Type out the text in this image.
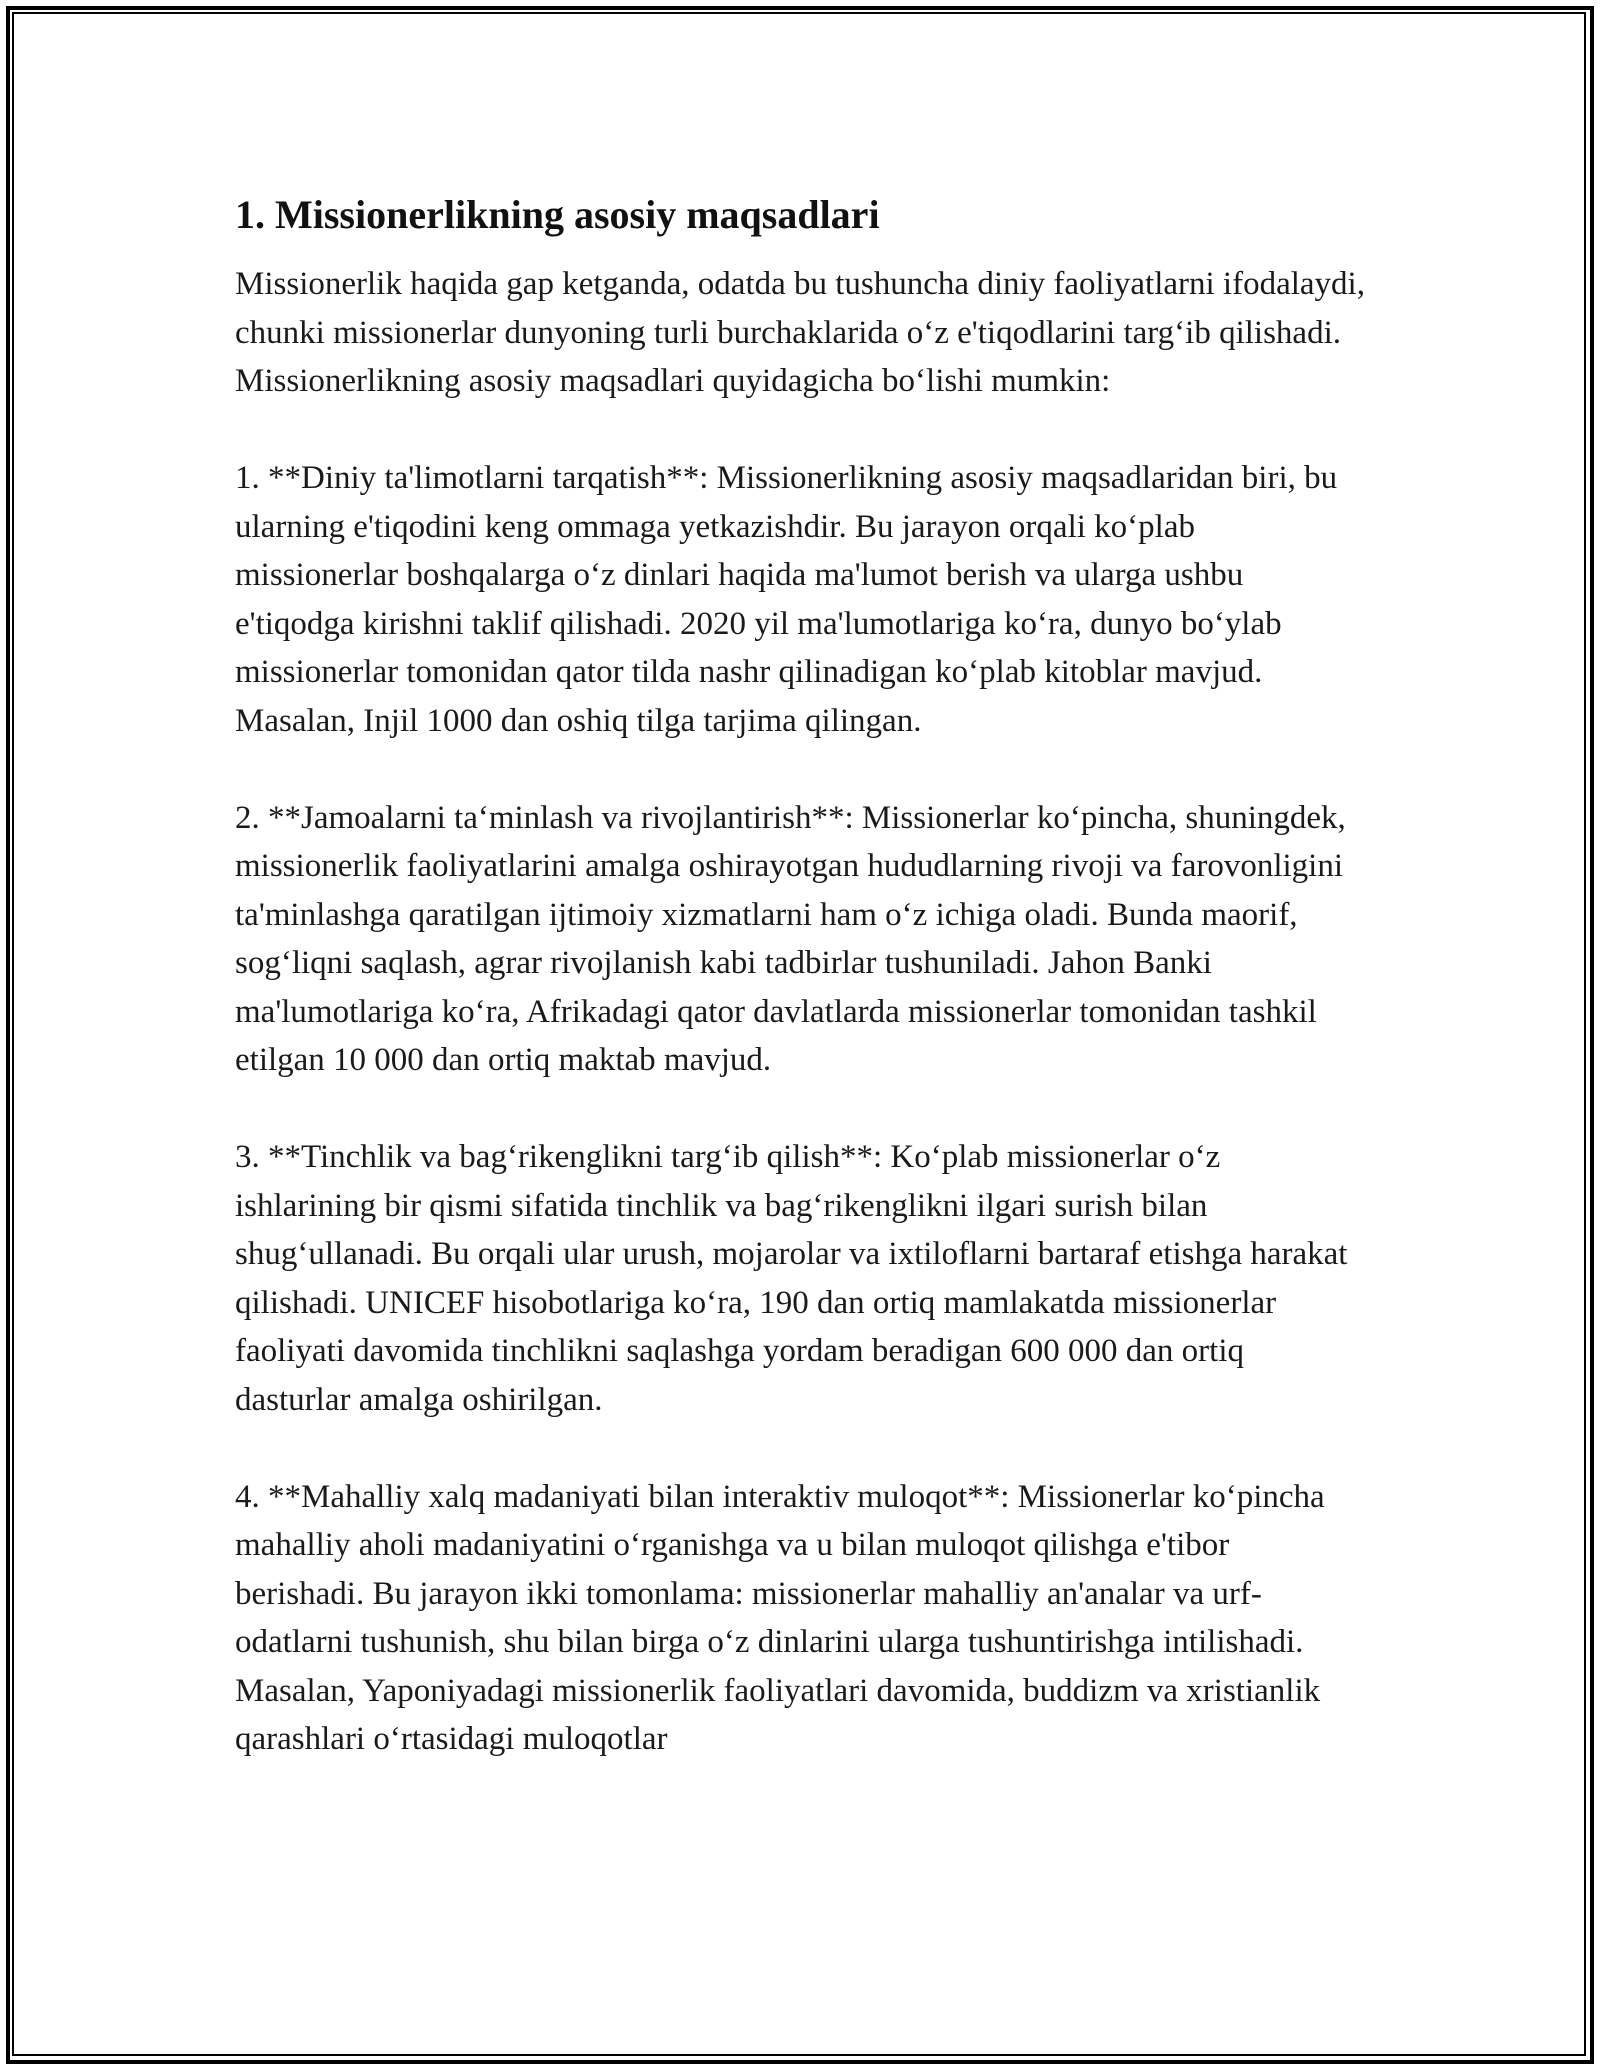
1. Missionerlikning asosiy maqsadlari

Missionerlik haqida gap ketganda, odatda bu tushuncha diniy faoliyatlarni ifodalaydi, chunki missionerlar dunyoning turli burchaklarida o‘z e'tiqodlarini targ‘ib qilishadi. Missionerlikning asosiy maqsadlari quyidagicha bo‘lishi mumkin:

1. **Diniy ta'limotlarni tarqatish**: Missionerlikning asosiy maqsadlaridan biri, bu ularning e'tiqodini keng ommaga yetkazishdir. Bu jarayon orqali ko‘plab missionerlar boshqalarga o‘z dinlari haqida ma'lumot berish va ularga ushbu e'tiqodga kirishni taklif qilishadi. 2020 yil ma'lumotlariga ko‘ra, dunyo bo‘ylab missionerlar tomonidan qator tilda nashr qilinadigan ko‘plab kitoblar mavjud. Masalan, Injil 1000 dan oshiq tilga tarjima qilingan.

2. **Jamoalarni ta‘minlash va rivojlantirish**: Missionerlar ko‘pincha, shuningdek, missionerlik faoliyatlarini amalga oshirayotgan hududlarning rivoji va farovonligini ta'minlashga qaratilgan ijtimoiy xizmatlarni ham o‘z ichiga oladi. Bunda maorif, sog‘liqni saqlash, agrar rivojlanish kabi tadbirlar tushuniladi. Jahon Banki ma'lumotlariga ko‘ra, Afrikadagi qator davlatlarda missionerlar tomonidan tashkil etilgan 10 000 dan ortiq maktab mavjud.

3. **Tinchlik va bag‘rikenglikni targ‘ib qilish**: Ko‘plab missionerlar o‘z ishlarining bir qismi sifatida tinchlik va bag‘rikenglikni ilgari surish bilan shug‘ullanadi. Bu orqali ular urush, mojarolar va ixtiloflarni bartaraf etishga harakat qilishadi. UNICEF hisobotlariga ko‘ra, 190 dan ortiq mamlakatda missionerlar faoliyati davomida tinchlikni saqlashga yordam beradigan 600 000 dan ortiq dasturlar amalga oshirilgan.

4. **Mahalliy xalq madaniyati bilan interaktiv muloqot**: Missionerlar ko‘pincha mahalliy aholi madaniyatini o‘rganishga va u bilan muloqot qilishga e'tibor berishadi. Bu jarayon ikki tomonlama: missionerlar mahalliy an'analar va urf-odatlarni tushunish, shu bilan birga o‘z dinlarini ularga tushuntirishga intilishadi. Masalan, Yaponiyadagi missionerlik faoliyatlari davomida, buddizm va xristianlik qarashlari o‘rtasidagi muloqotlar
